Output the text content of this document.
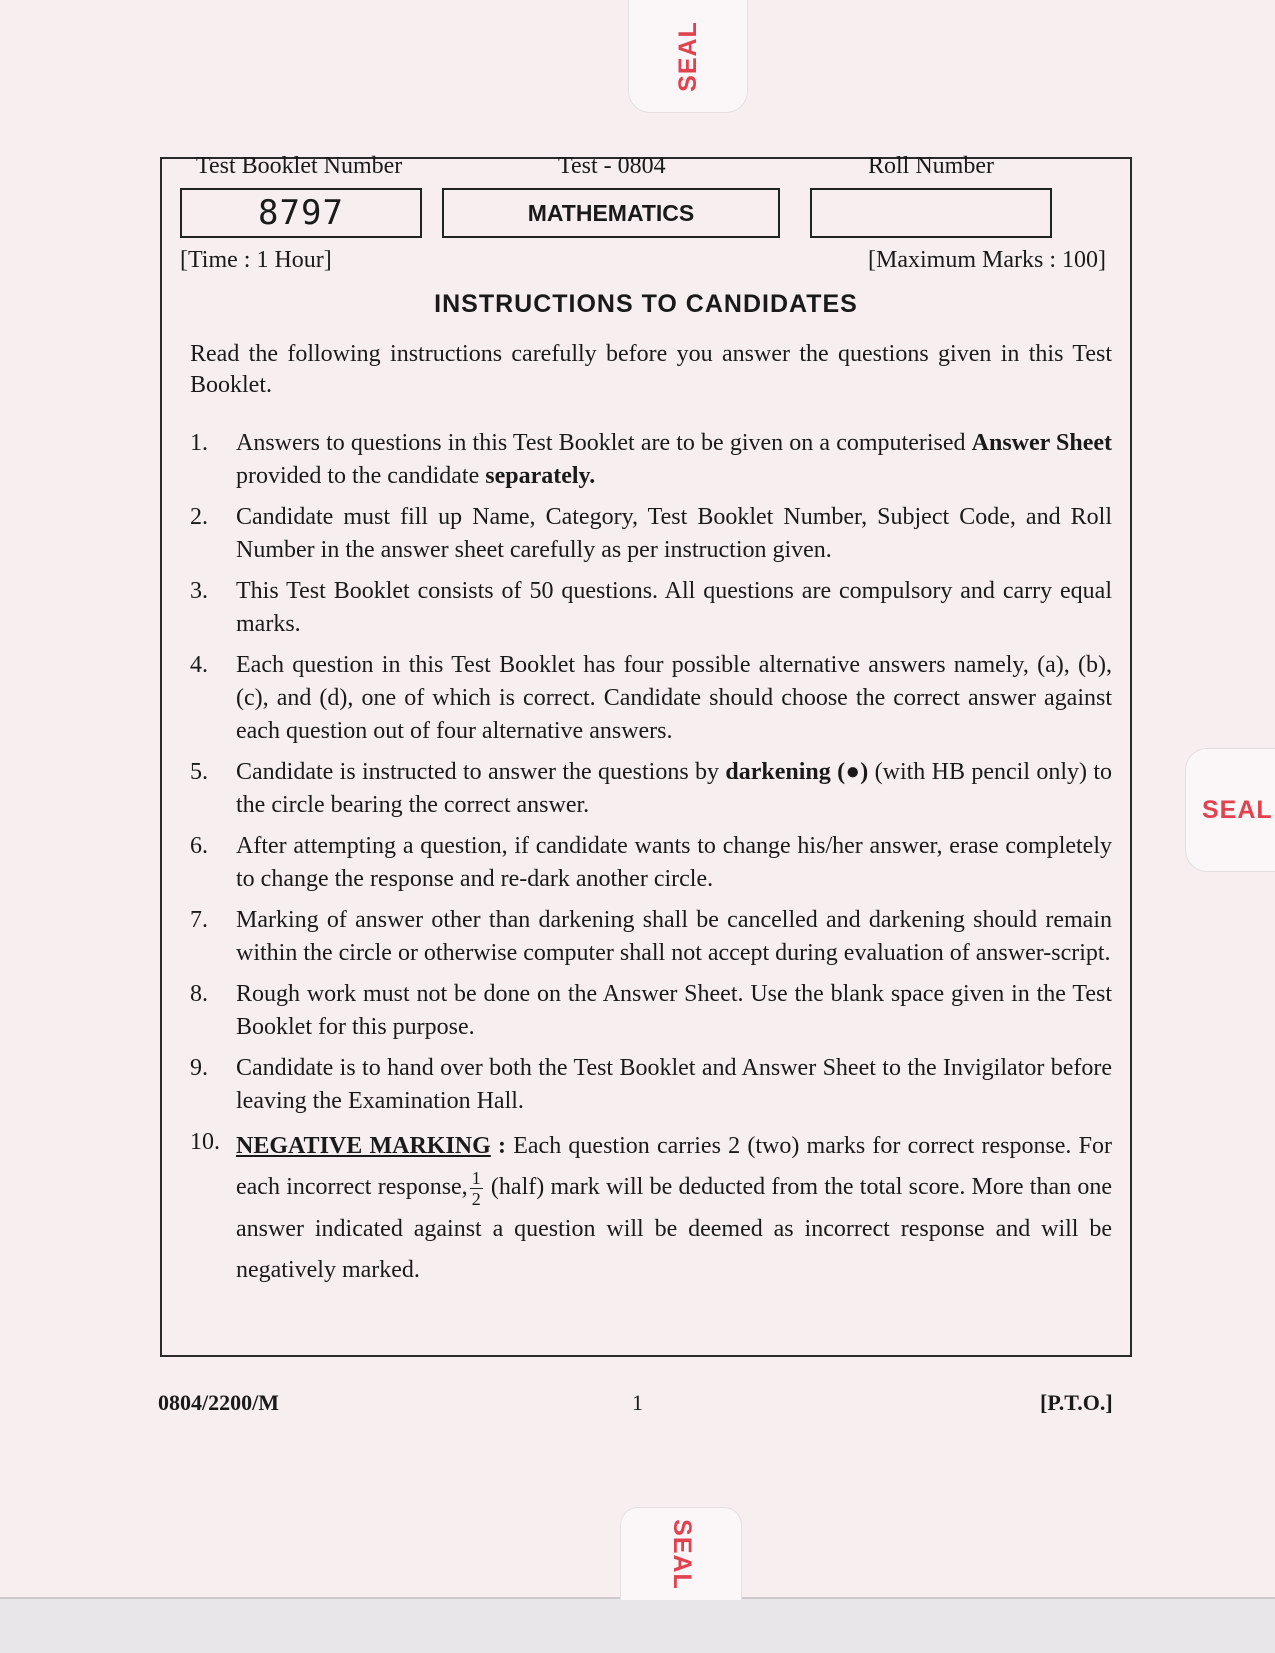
SEAL
SEAL
SEAL
Test Booklet Number	Test - 0804	Roll Number
8797	MATHEMATICS
[Time : 1 Hour]	[Maximum Marks : 100]
INSTRUCTIONS TO CANDIDATES
Read the following instructions carefully before you answer the questions given in this Test Booklet.
1.	Answers to questions in this Test Booklet are to be given on a computerised Answer Sheet provided to the candidate separately.
2.	Candidate must fill up Name, Category, Test Booklet Number, Subject Code, and Roll Number in the answer sheet carefully as per instruction given.
3.	This Test Booklet consists of 50 questions. All questions are compulsory and carry equal marks.
4.	Each question in this Test Booklet has four possible alternative answers namely, (a), (b), (c), and (d), one of which is correct. Candidate should choose the correct answer against each question out of four alternative answers.
5.	Candidate is instructed to answer the questions by darkening (●) (with HB pencil only) to the circle bearing the correct answer.
6.	After attempting a question, if candidate wants to change his/her answer, erase completely to change the response and re-dark another circle.
7.	Marking of answer other than darkening shall be cancelled and darkening should remain within the circle or otherwise computer shall not accept during evaluation of answer-script.
8.	Rough work must not be done on the Answer Sheet. Use the blank space given in the Test Booklet for this purpose.
9.	Candidate is to hand over both the Test Booklet and Answer Sheet to the Invigilator before leaving the Examination Hall.
10. NEGATIVE MARKING : Each question carries 2 (two) marks for correct response. For each incorrect response, $\frac{1}{2}$ (half) mark will be deducted from the total score. More than one answer indicated against a question will be deemed as incorrect response and will be negatively marked.
0804/2200/M	1	[P.T.O.]
